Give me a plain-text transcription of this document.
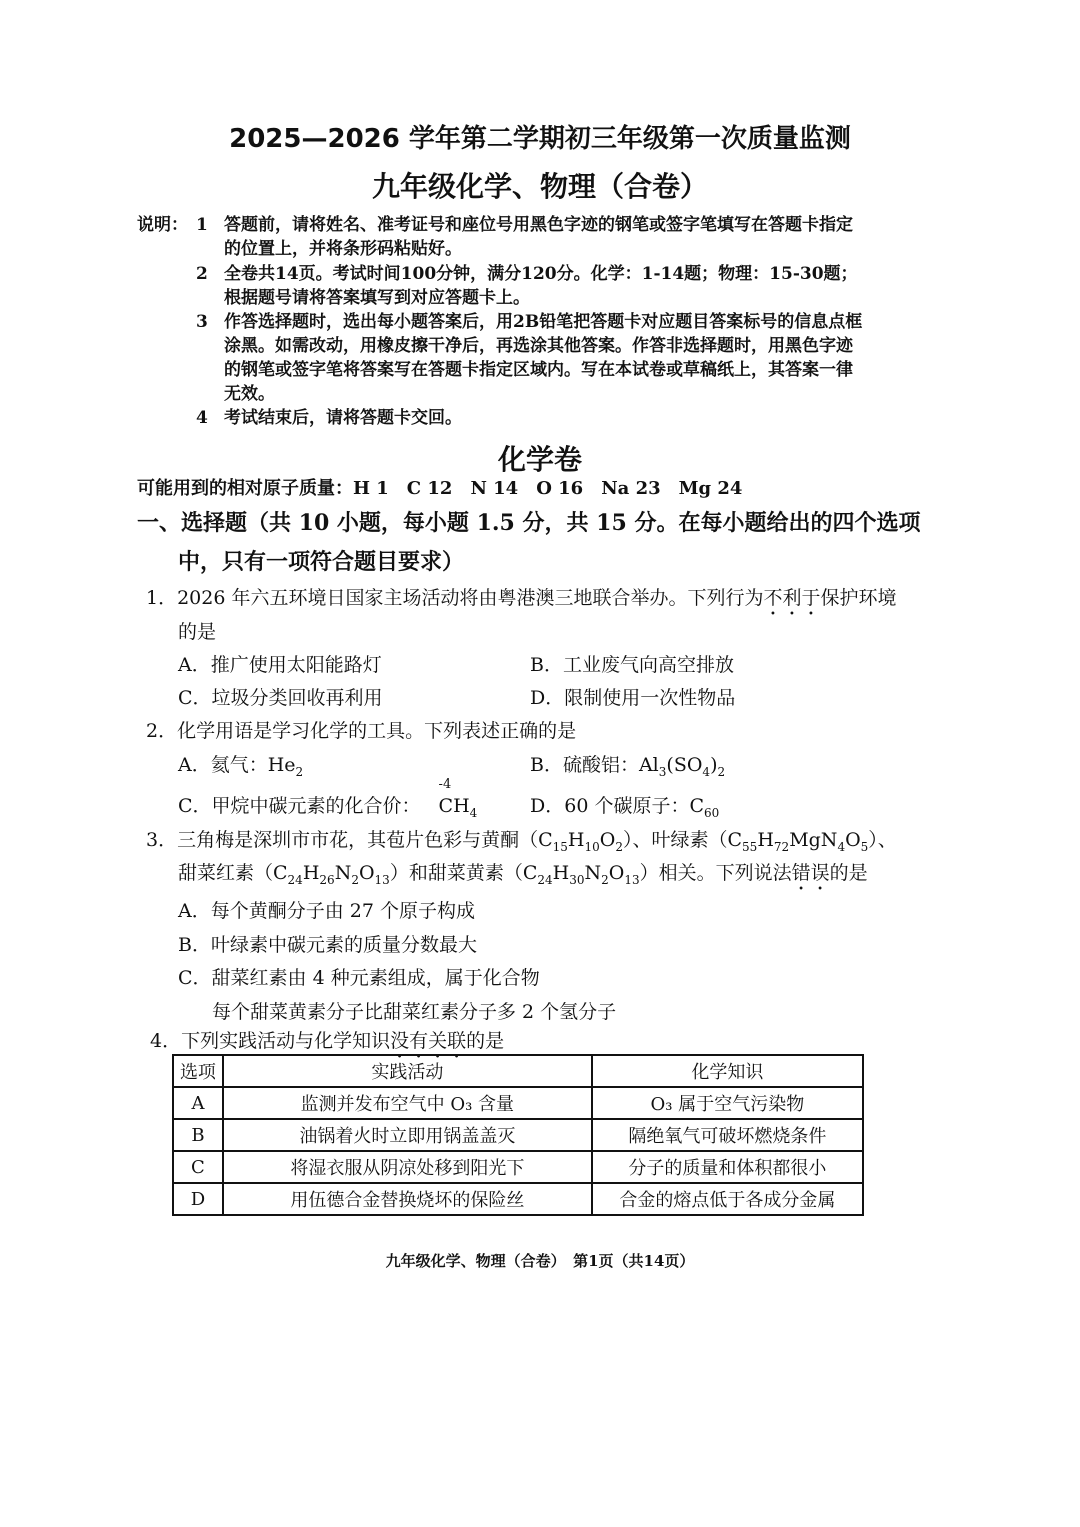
2025—2026 学年第二学期初三年级第一次质量监测
九年级化学、物理（合卷）
说明： 1 答题前，请将姓名、准考证号和座位号用黑色字迹的钢笔或签字笔填写在答题卡指定
的位置上，并将条形码粘贴好。
2 全卷共14页。考试时间100分钟，满分120分。化学：1-14题；物理：15-30题；
根据题号请将答案填写到对应答题卡上。
3 作答选择题时，选出每小题答案后，用2B铅笔把答题卡对应题目答案标号的信息点框
涂黑。如需改动，用橡皮擦干净后，再选涂其他答案。作答非选择题时，用黑色字迹
的钢笔或签字笔将答案写在答题卡指定区域内。写在本试卷或草稿纸上，其答案一律
无效。
4 考试结束后，请将答题卡交回。
化学卷
可能用到的相对原子质量：H 1　C 12　N 14　O 16　Na 23　Mg 24
一、选择题（共 10 小题，每小题 1.5 分，共 15 分。在每小题给出的四个选项
中，只有一项符合题目要求）
1．2026 年六五环境日国家主场活动将由粤港澳三地联合举办。下列行为不利于保护环境
的是
A．推广使用太阳能路灯	B．工业废气向高空排放
C．垃圾分类回收再利用	D．限制使用一次性物品
2．化学用语是学习化学的工具。下列表述正确的是
A．氦气：$He_2$	B．硫酸铝：$Al_3(SO_4)_2$
C．甲烷中碳元素的化合价：
-4
$CH_4$	D．60 个碳原子：$C_{60}$
3．三角梅是深圳市市花，其苞片色彩与黄酮$(C_{15}H_{10}O_2)$、叶绿素$(C_{55}H_{72}MgN_4O_5)$、
甜菜红素$(C_{24}H_{26}N_2O_{13})$和甜菜黄素$(C_{24}H_{30}N_2O_{13})$相关。下列说法错误的是
A．每个黄酮分子由 27 个原子构成
B．叶绿素中碳元素的质量分数最大
C．甜菜红素由 4 种元素组成，属于化合物
每个甜菜黄素分子比甜菜红素分子多 2 个氢分子
4．下列实践活动与化学知识没有关联的是
选项	实践活动	化学知识
A	监测并发布空气中 O₃ 含量	O₃ 属于空气污染物
B	油锅着火时立即用锅盖盖灭	隔绝氧气可破坏燃烧条件
C	将湿衣服从阴凉处移到阳光下	分子的质量和体积都很小
D	用伍德合金替换烧坏的保险丝	合金的熔点低于各成分金属
九年级化学、物理（合卷）　第1页（共14页）
